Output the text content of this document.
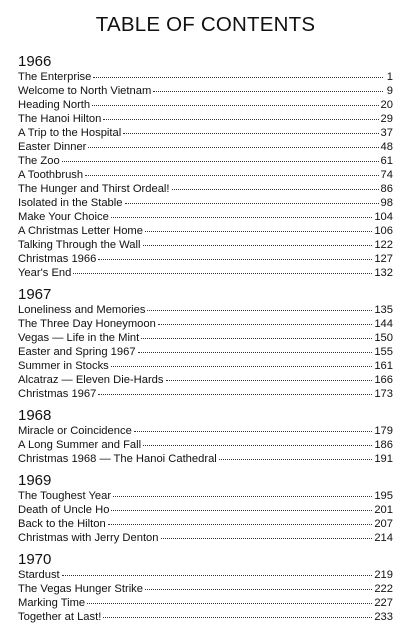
TABLE OF CONTENTS
1966
The Enterprise	1
Welcome to North Vietnam	9
Heading North	20
The Hanoi Hilton	29
A Trip to the Hospital	37
Easter Dinner	48
The Zoo	61
A Toothbrush	74
The Hunger and Thirst Ordeal!	86
Isolated in the Stable	98
Make Your Choice	104
A Christmas Letter Home	106
Talking Through the Wall	122
Christmas 1966	127
Year's End	132
1967
Loneliness and Memories	135
The Three Day Honeymoon	144
Vegas — Life in the Mint	150
Easter and Spring 1967	155
Summer in Stocks	161
Alcatraz — Eleven Die-Hards	166
Christmas 1967	173
1968
Miracle or Coincidence	179
A Long Summer and Fall	186
Christmas 1968 — The Hanoi Cathedral	191
1969
The Toughest Year	195
Death of Uncle Ho	201
Back to the Hilton	207
Christmas with Jerry Denton	214
1970
Stardust	219
The Vegas Hunger Strike	222
Marking Time	227
Together at Last!	233
